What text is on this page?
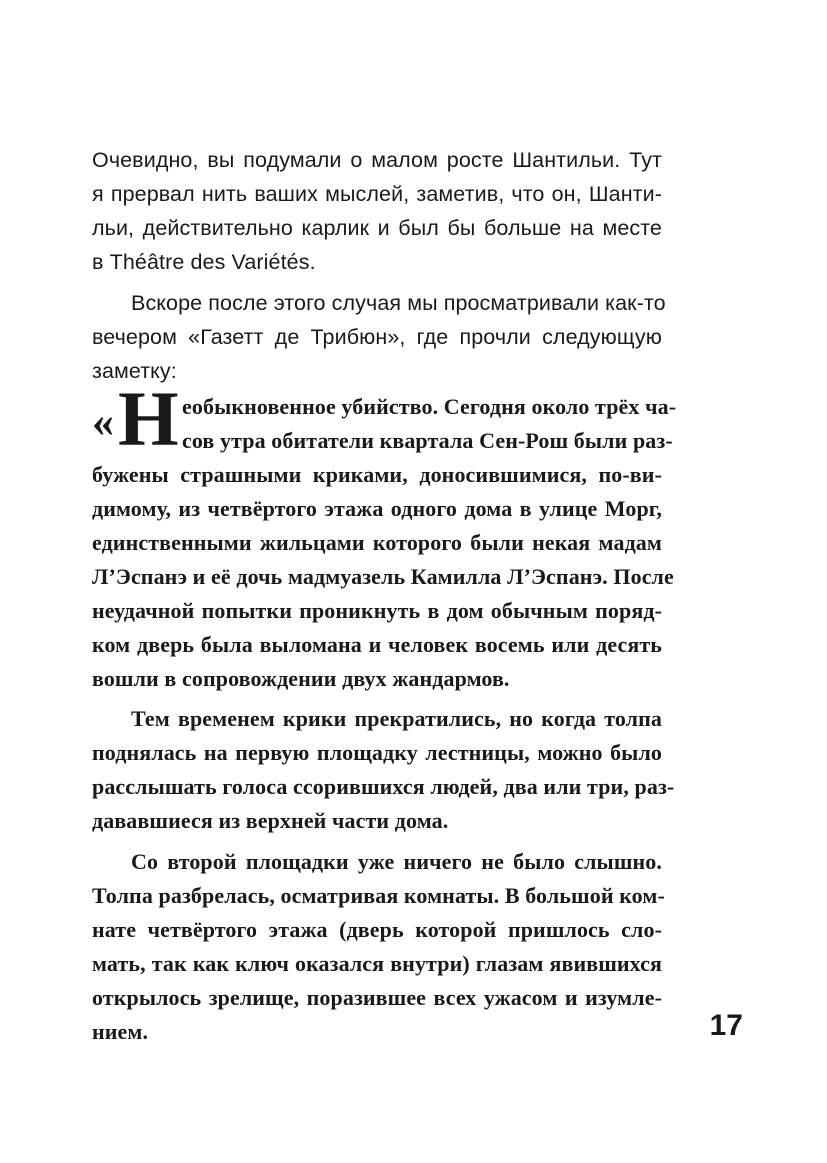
Очевидно, вы подумали о малом росте Шантильи. Тут

я прервал нить ваших мыслей, заметив, что он, Шанти-

льи, действительно карлик и был бы больше на месте

в Théâtre des Variétés.

Вскоре после этого случая мы просматривали как-то

вечером «Газетт де Трибюн», где прочли следующую

заметку:

« Н еобыкновенное убийство. Сегодня около трёх ча-

сов утра обитатели квартала Сен-Рош были раз-

бужены страшными криками, доносившимися, по-ви-

димому, из четвёртого этажа одного дома в улице Морг,

единственными жильцами которого были некая мадам

Л’Эспанэ и её дочь мадмуазель Камилла Л’Эспанэ. После

неудачной попытки проникнуть в дом обычным поряд-

ком дверь была выломана и человек восемь или десять

вошли в сопровождении двух жандармов.

Тем временем крики прекратились, но когда толпа

поднялась на первую площадку лестницы, можно было

расслышать голоса ссорившихся людей, два или три, раз-

дававшиеся из верхней части дома.

Со второй площадки уже ничего не было слышно.

Толпа разбрелась, осматривая комнаты. В большой ком-

нате четвёртого этажа (дверь которой пришлось сло-

мать, так как ключ оказался внутри) глазам явившихся

открылось зрелище, поразившее всех ужасом и изумле-

нием.	17
